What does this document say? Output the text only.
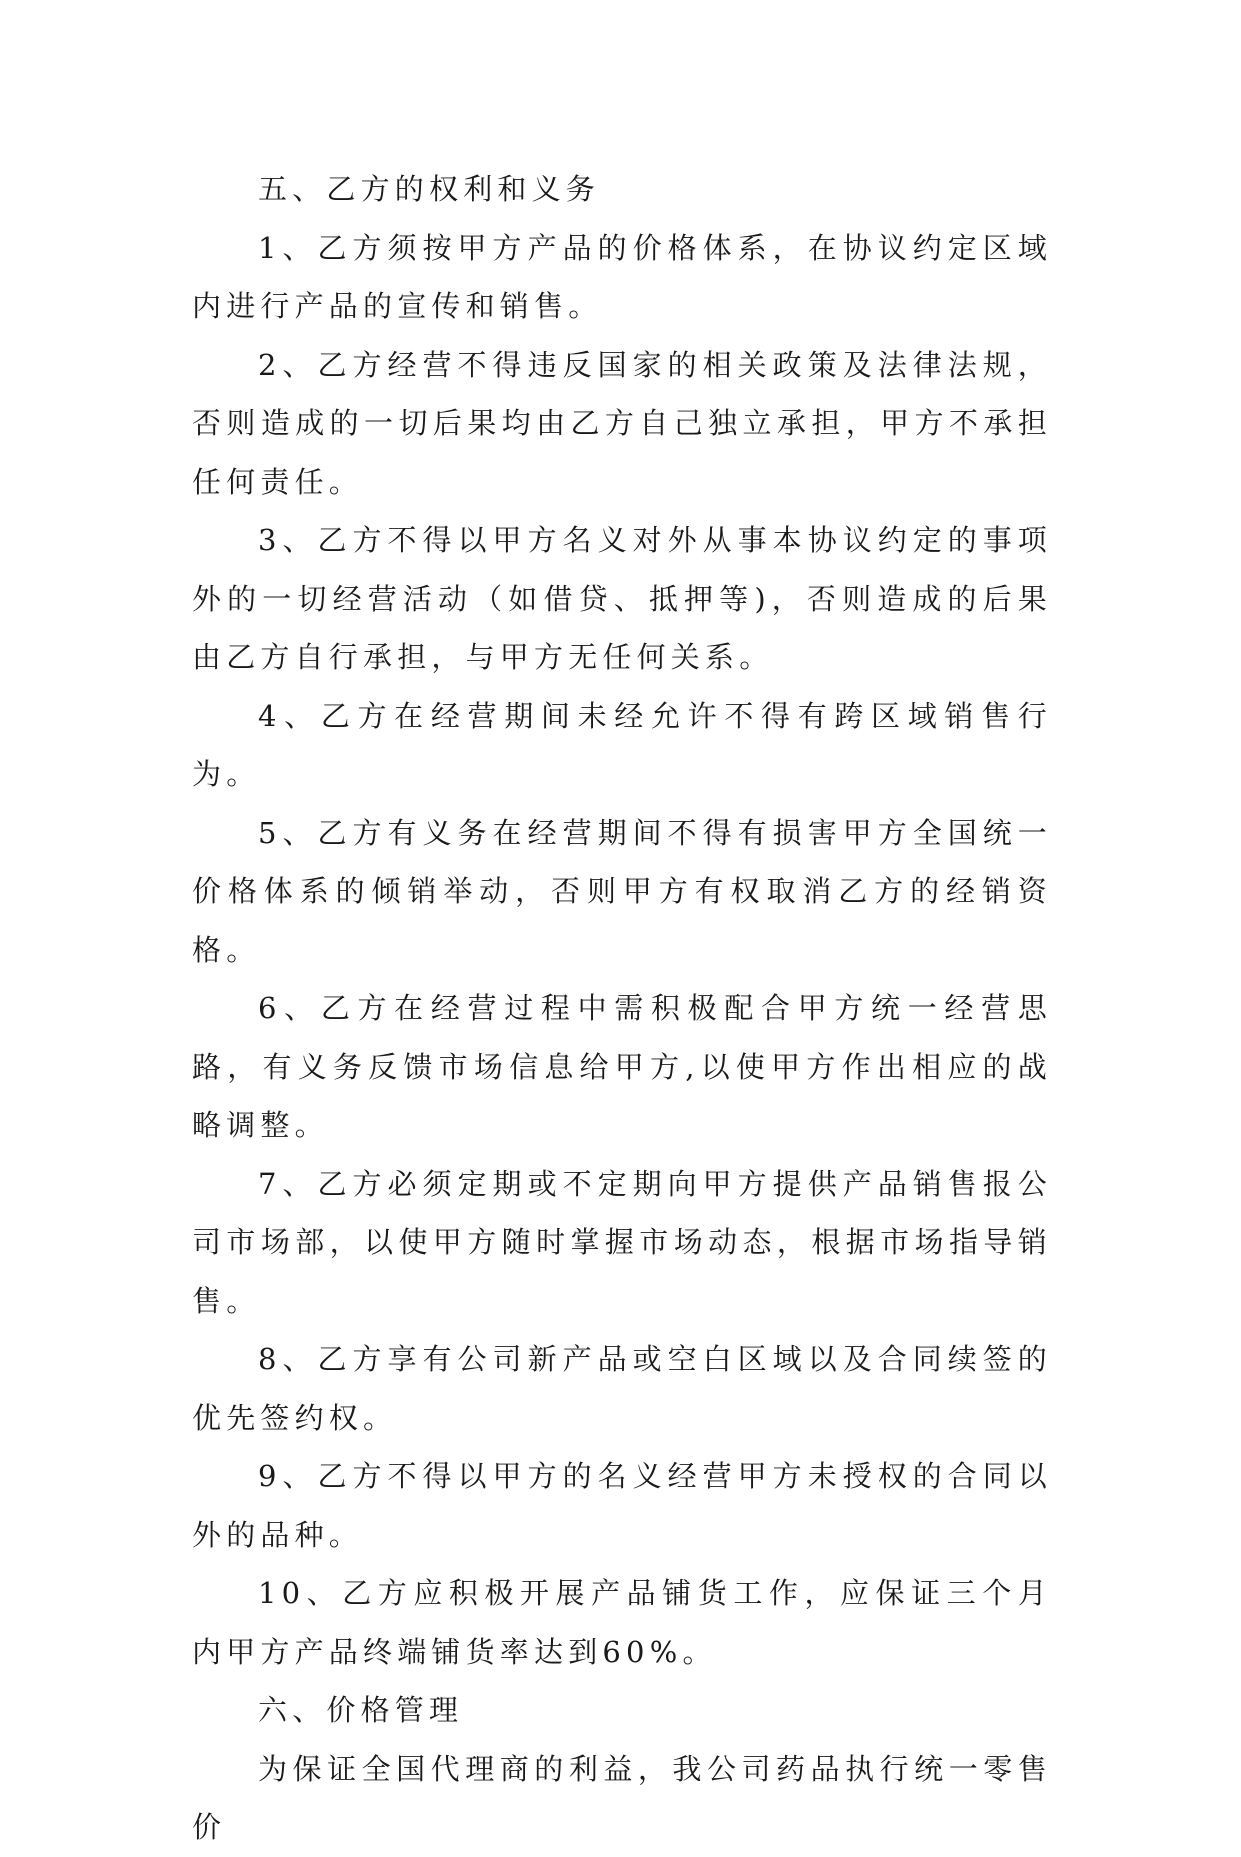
五、乙方的权利和义务

1、乙方须按甲方产品的价格体系，在协议约定区域内进行产品的宣传和销售。

2、乙方经营不得违反国家的相关政策及法律法规，否则造成的一切后果均由乙方自己独立承担，甲方不承担任何责任。

3、乙方不得以甲方名义对外从事本协议约定的事项外的一切经营活动（如借贷、抵押等)，否则造成的后果由乙方自行承担，与甲方无任何关系。

4、乙方在经营期间未经允许不得有跨区域销售行为。

5、乙方有义务在经营期间不得有损害甲方全国统一价格体系的倾销举动，否则甲方有权取消乙方的经销资格。

6、乙方在经营过程中需积极配合甲方统一经营思路，有义务反馈市场信息给甲方,以使甲方作出相应的战略调整。

7、乙方必须定期或不定期向甲方提供产品销售报公司市场部，以使甲方随时掌握市场动态，根据市场指导销售。

8、乙方享有公司新产品或空白区域以及合同续签的优先签约权。

9、乙方不得以甲方的名义经营甲方未授权的合同以外的品种。

10、乙方应积极开展产品铺货工作，应保证三个月内甲方产品终端铺货率达到60%。

六、价格管理

为保证全国代理商的利益，我公司药品执行统一零售价
